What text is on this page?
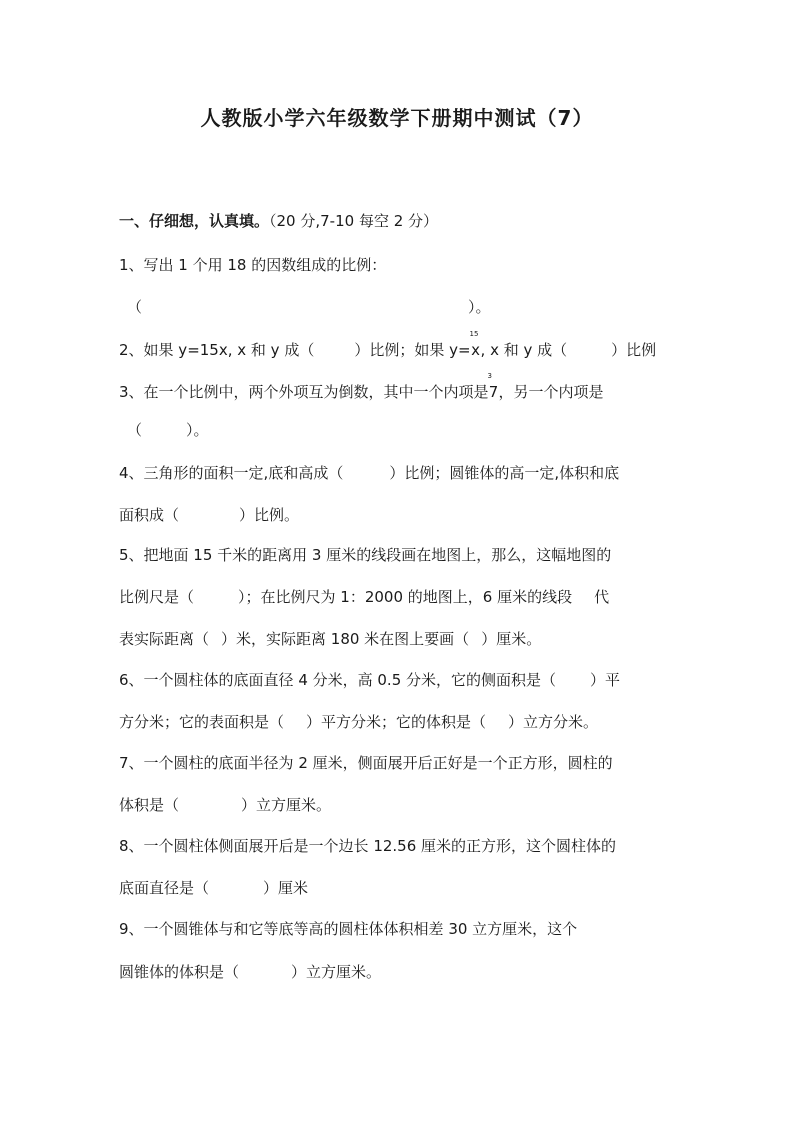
人教版小学六年级数学下册期中测试（7）
一、仔细想，认真填。（20 分,7-10 每空 2 分）
1、写出 1 个用 18 的因数组成的比例：
（	）。
2、如果 y=15x, x 和 y 成（	）比例；如果 y=
15
x, x 和 y 成（	）比例
3、在一个比例中，两个外项互为倒数，其中一个内项是
3
7，另一个内项是
（	）。
4、三角形的面积一定,底和高成（	）比例；圆锥体的高一定,体积和底
面积成（	）比例。
5、把地面 15 千米的距离用 3 厘米的线段画在地图上，那么，这幅地图的
比例尺是（	）；在比例尺为 1：2000 的地图上，6 厘米的线段 代
表实际距离（ ）米，实际距离 180 米在图上要画（ ）厘米。
6、一个圆柱体的底面直径 4 分米，高 0.5 分米，它的侧面积是（ ）平
方分米；它的表面积是（ ）平方分米；它的体积是（ ）立方分米。
7、一个圆柱的底面半径为 2 厘米，侧面展开后正好是一个正方形，圆柱的
体积是（	）立方厘米。
8、一个圆柱体侧面展开后是一个边长 12.56 厘米的正方形，这个圆柱体的
底面直径是（	）厘米
9、一个圆锥体与和它等底等高的圆柱体体积相差 30 立方厘米，这个
圆锥体的体积是（	）立方厘米。
